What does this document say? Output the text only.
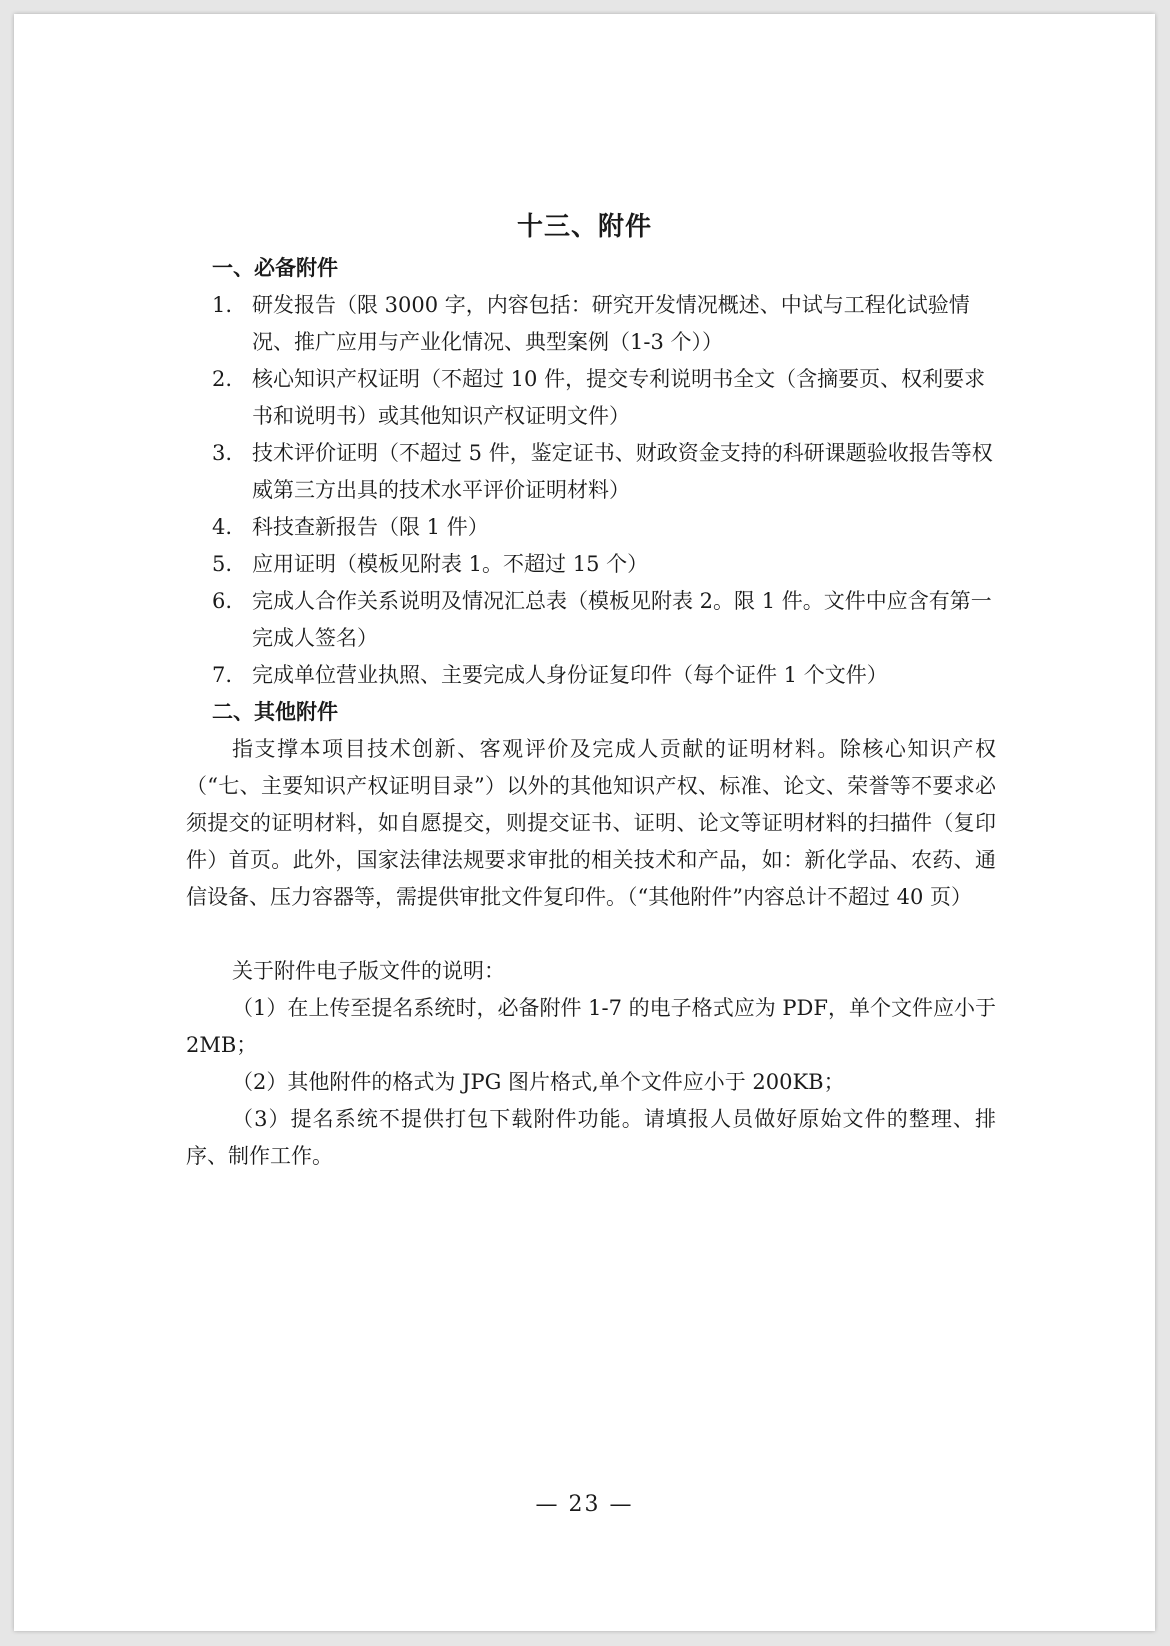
十三、附件
一、必备附件
1. 研发报告（限 3000 字，内容包括：研究开发情况概述、中试与工程化试验情况、推广应用与产业化情况、典型案例（1-3 个））
2. 核心知识产权证明（不超过 10 件，提交专利说明书全文（含摘要页、权利要求书和说明书）或其他知识产权证明文件）
3. 技术评价证明（不超过 5 件，鉴定证书、财政资金支持的科研课题验收报告等权威第三方出具的技术水平评价证明材料）
4. 科技查新报告（限 1 件）
5. 应用证明（模板见附表 1。不超过 15 个）
6. 完成人合作关系说明及情况汇总表（模板见附表 2。限 1 件。文件中应含有第一完成人签名）
7. 完成单位营业执照、主要完成人身份证复印件（每个证件 1 个文件）
二、其他附件

指支撑本项目技术创新、客观评价及完成人贡献的证明材料。除核心知识产权（“七、主要知识产权证明目录”）以外的其他知识产权、标准、论文、荣誉等不要求必须提交的证明材料，如自愿提交，则提交证书、证明、论文等证明材料的扫描件（复印件）首页。此外，国家法律法规要求审批的相关技术和产品，如：新化学品、农药、通信设备、压力容器等，需提供审批文件复印件。（“其他附件”内容总计不超过 40 页）

关于附件电子版文件的说明：

（1）在上传至提名系统时，必备附件 1-7 的电子格式应为 PDF，单个文件应小于 2MB；

（2）其他附件的格式为 JPG 图片格式,单个文件应小于 200KB；

（3）提名系统不提供打包下载附件功能。请填报人员做好原始文件的整理、排序、制作工作。

— 23 —
